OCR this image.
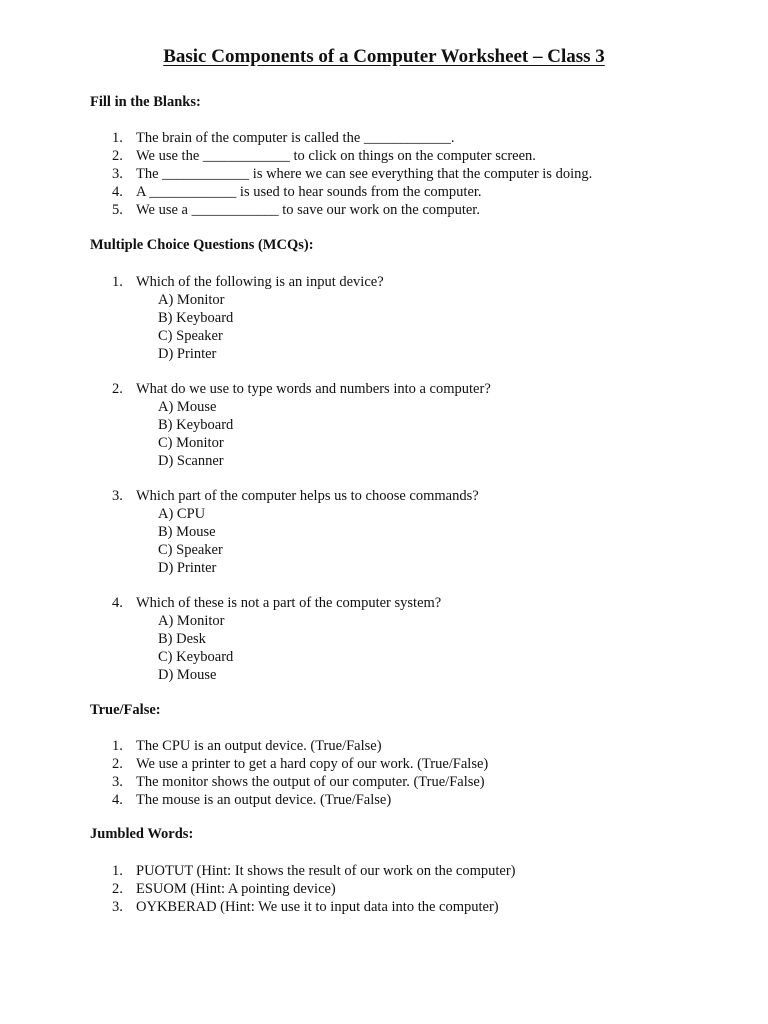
Basic Components of a Computer Worksheet – Class 3
Fill in the Blanks:
1. The brain of the computer is called the ____________.
2. We use the ____________ to click on things on the computer screen.
3. The ____________ is where we can see everything that the computer is doing.
4. A ____________ is used to hear sounds from the computer.
5. We use a ____________ to save our work on the computer.
Multiple Choice Questions (MCQs):
1. Which of the following is an input device?
A) Monitor
B) Keyboard
C) Speaker
D) Printer
2. What do we use to type words and numbers into a computer?
A) Mouse
B) Keyboard
C) Monitor
D) Scanner
3. Which part of the computer helps us to choose commands?
A) CPU
B) Mouse
C) Speaker
D) Printer
4. Which of these is not a part of the computer system?
A) Monitor
B) Desk
C) Keyboard
D) Mouse
True/False:
1. The CPU is an output device. (True/False)
2. We use a printer to get a hard copy of our work. (True/False)
3. The monitor shows the output of our computer. (True/False)
4. The mouse is an output device. (True/False)
Jumbled Words:
1. PUOTUT (Hint: It shows the result of our work on the computer)
2. ESUOM (Hint: A pointing device)
3. OYKBERAD (Hint: We use it to input data into the computer)
